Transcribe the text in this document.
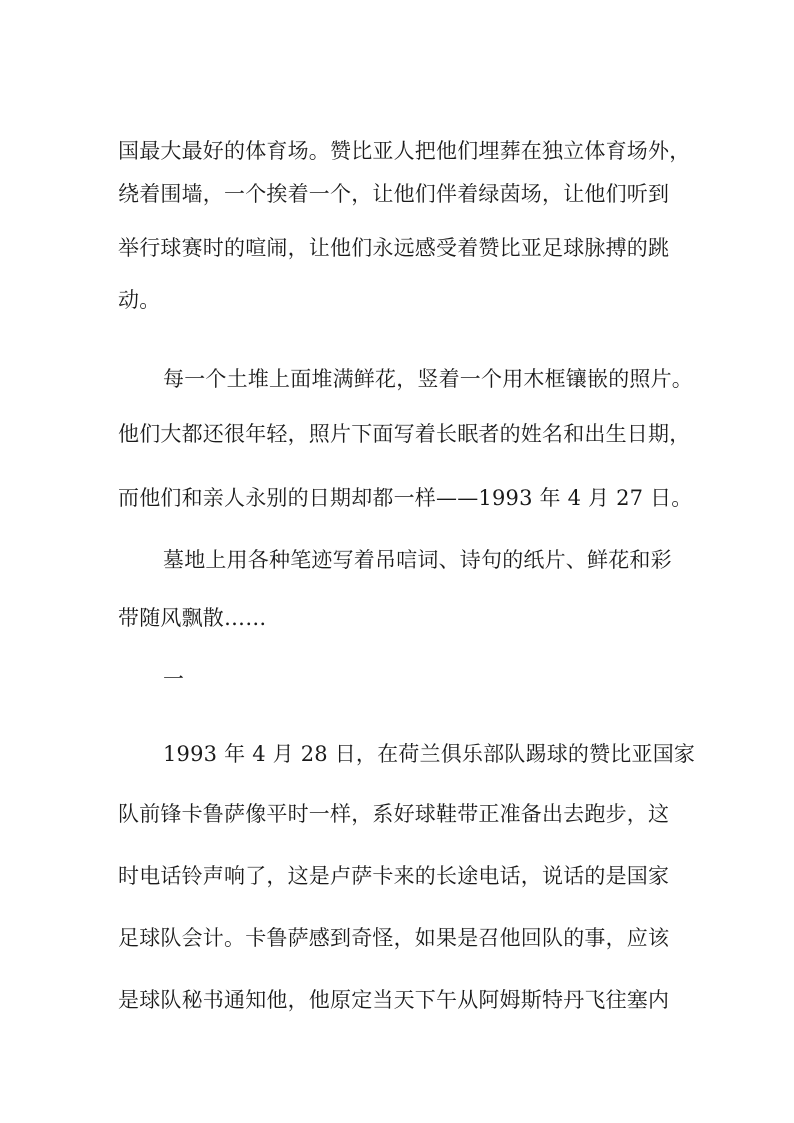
国最大最好的体育场。赞比亚人把他们埋葬在独立体育场外，
绕着围墙，一个挨着一个，让他们伴着绿茵场，让他们听到
举行球赛时的喧闹，让他们永远感受着赞比亚足球脉搏的跳
动。
每一个土堆上面堆满鲜花，竖着一个用木框镶嵌的照片。
他们大都还很年轻，照片下面写着长眠者的姓名和出生日期，
而他们和亲人永别的日期却都一样——1993 年 4 月 27 日。
墓地上用各种笔迹写着吊唁词、诗句的纸片、鲜花和彩
带随风飘散……
一
1993 年 4 月 28 日，在荷兰俱乐部队踢球的赞比亚国家
队前锋卡鲁萨像平时一样，系好球鞋带正准备出去跑步，这
时电话铃声响了，这是卢萨卡来的长途电话，说话的是国家
足球队会计。卡鲁萨感到奇怪，如果是召他回队的事，应该
是球队秘书通知他，他原定当天下午从阿姆斯特丹飞往塞内
